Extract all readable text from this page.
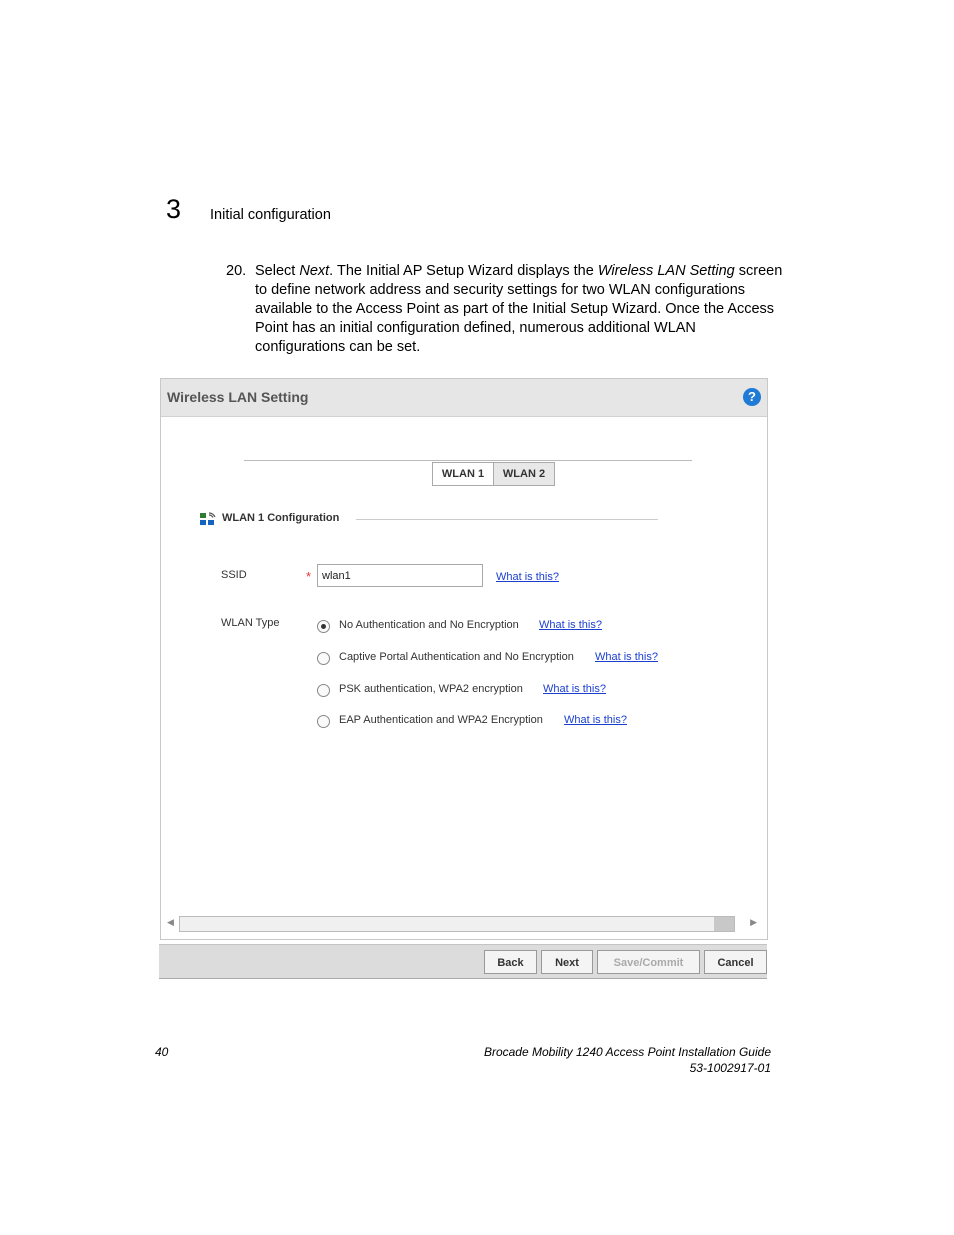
3 Initial configuration
20. Select Next. The Initial AP Setup Wizard displays the Wireless LAN Setting screen to define network address and security settings for two WLAN configurations available to the Access Point as part of the Initial Setup Wizard. Once the Access Point has an initial configuration defined, numerous additional WLAN configurations can be set.
Wireless LAN Setting	?
WLAN 1	WLAN 2
WLAN 1 Configuration
SSID	* wlan1	What is this?
WLAN Type	No Authentication and No Encryption What is this?
Captive Portal Authentication and No Encryption What is this?
PSK authentication, WPA2 encryption What is this?
EAP Authentication and WPA2 Encryption What is this?
◀	▶
Back	Next	Save/Commit	Cancel
40	Brocade Mobility 1240 Access Point Installation Guide
53-1002917-01
